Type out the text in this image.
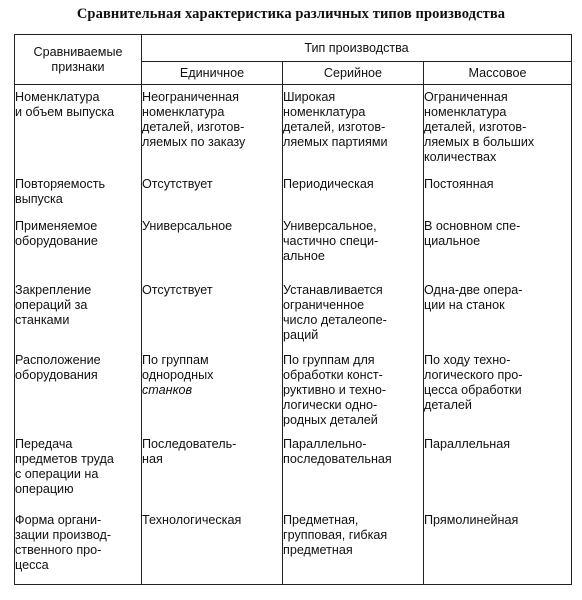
Сравнительная характеристика различных типов производства
Сравниваемые
признаки	Тип производства		
	Единичное	Серийное	Массовое

Номенклатура
и объем выпуска	Неограниченная
номенклатура
деталей, изготов-
ляемых по заказу	Широкая
номенклатура
деталей, изготов-
ляемых партиями	Ограниченная
номенклатура
деталей, изготов-
ляемых в больших
количествах

Повторяемость
выпуска	Отсутствует	Периодическая	Постоянная

Применяемое
оборудование	Универсальное	Универсальное,
частично специ-
альное	В основном спе-
циальное

Закрепление
операций за
станками	Отсутствует	Устанавливается
ограниченное
число деталеопе-
раций	Одна-две опера-
ции на станок

Расположение
оборудования	По группам
однородных
станков	По группам для
обработки конст-
руктивно и техно-
логически одно-
родных деталей	По ходу техно-
логического про-
цесса обработки
деталей

Передача
предметов труда
с операции на
операцию	Последователь-
ная	Параллельно-
последовательная	Параллельная

Форма органи-
зации производ-
ственного про-
цесса	Технологическая	Предметная,
групповая, гибкая
предметная	Прямолинейная
